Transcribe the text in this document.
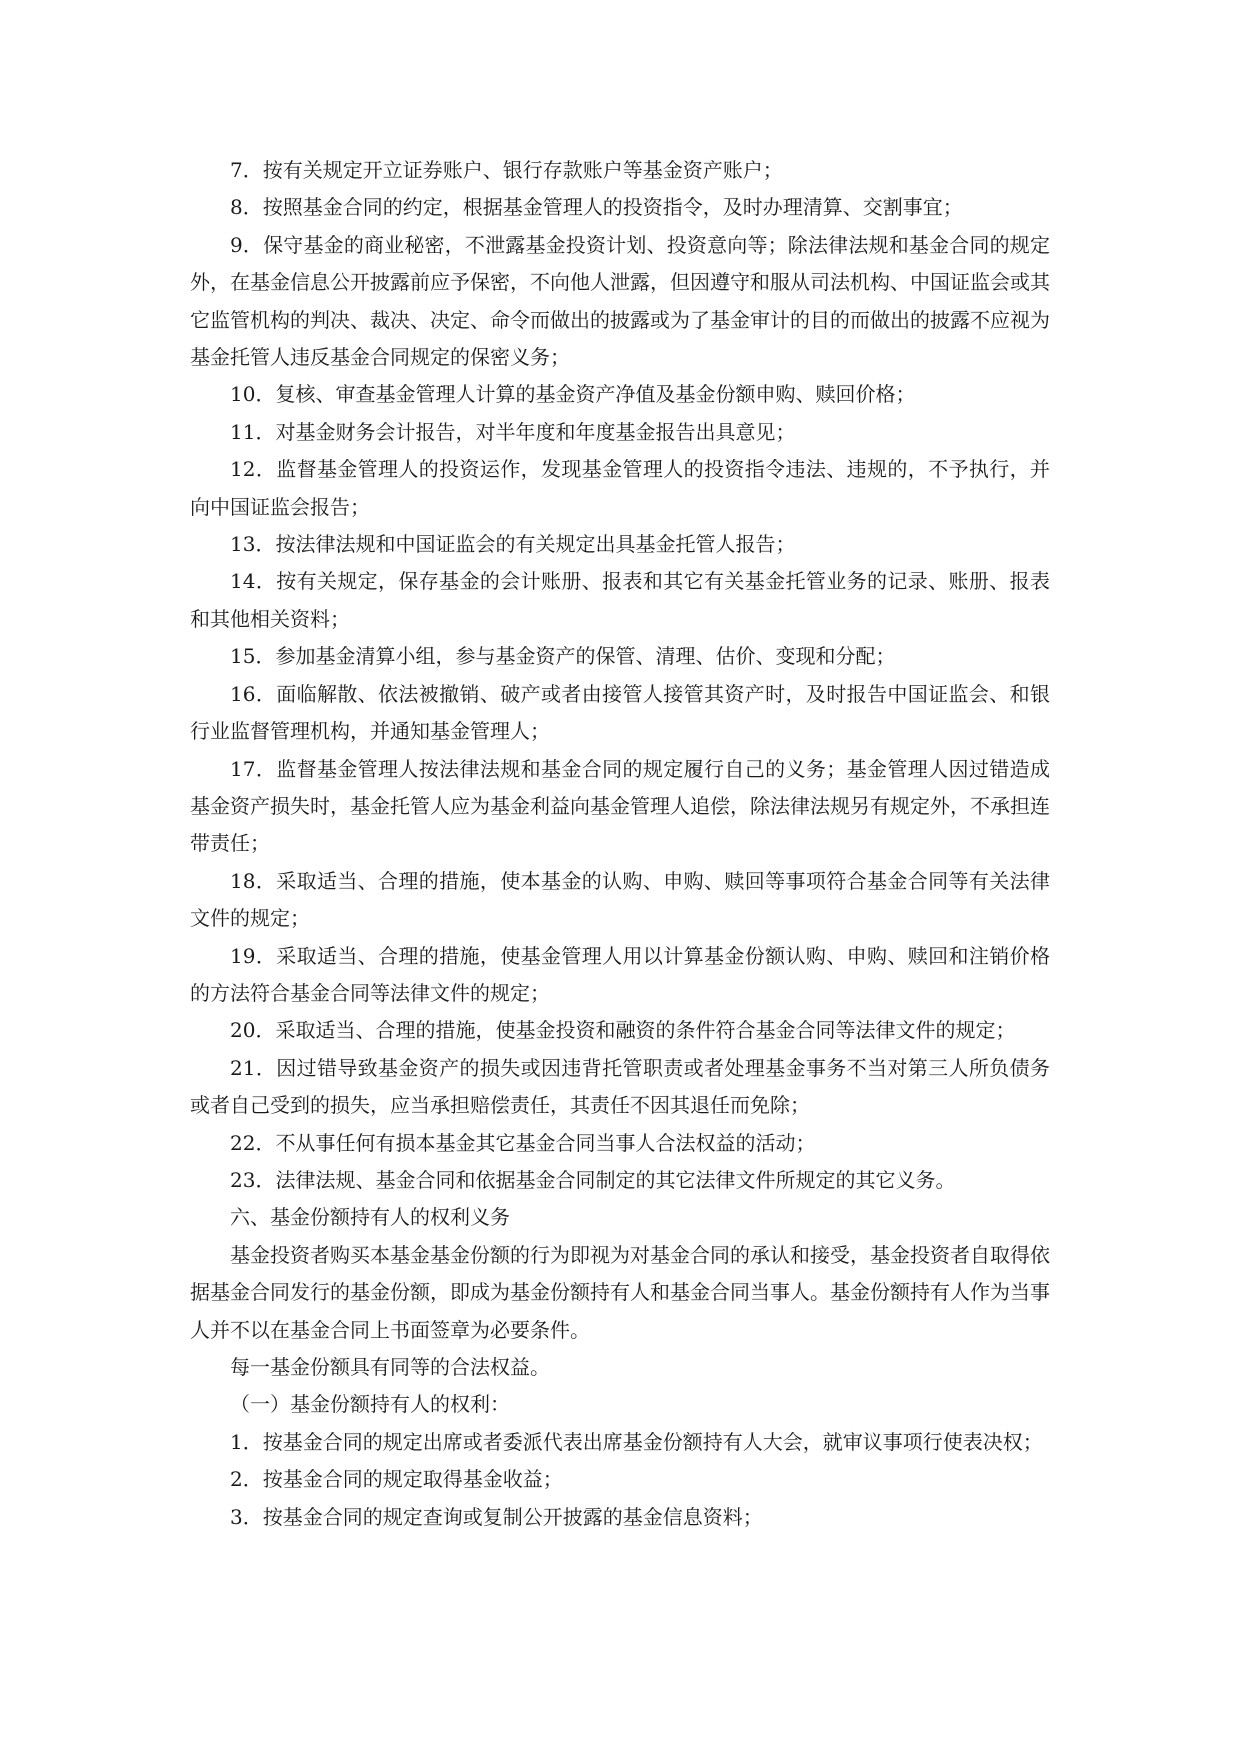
7．按有关规定开立证券账户、银行存款账户等基金资产账户；

8．按照基金合同的约定，根据基金管理人的投资指令，及时办理清算、交割事宜；

9．保守基金的商业秘密，不泄露基金投资计划、投资意向等；除法律法规和基金合同的规定外，在基金信息公开披露前应予保密，不向他人泄露，但因遵守和服从司法机构、中国证监会或其它监管机构的判决、裁决、决定、命令而做出的披露或为了基金审计的目的而做出的披露不应视为基金托管人违反基金合同规定的保密义务；

10．复核、审查基金管理人计算的基金资产净值及基金份额申购、赎回价格；

11．对基金财务会计报告，对半年度和年度基金报告出具意见；

12．监督基金管理人的投资运作，发现基金管理人的投资指令违法、违规的，不予执行，并向中国证监会报告；

13．按法律法规和中国证监会的有关规定出具基金托管人报告；

14．按有关规定，保存基金的会计账册、报表和其它有关基金托管业务的记录、账册、报表和其他相关资料；

15．参加基金清算小组，参与基金资产的保管、清理、估价、变现和分配；

16．面临解散、依法被撤销、破产或者由接管人接管其资产时，及时报告中国证监会、和银行业监督管理机构，并通知基金管理人；

17．监督基金管理人按法律法规和基金合同的规定履行自己的义务；基金管理人因过错造成基金资产损失时，基金托管人应为基金利益向基金管理人追偿，除法律法规另有规定外，不承担连带责任；

18．采取适当、合理的措施，使本基金的认购、申购、赎回等事项符合基金合同等有关法律文件的规定；

19．采取适当、合理的措施，使基金管理人用以计算基金份额认购、申购、赎回和注销价格的方法符合基金合同等法律文件的规定；

20．采取适当、合理的措施，使基金投资和融资的条件符合基金合同等法律文件的规定；

21．因过错导致基金资产的损失或因违背托管职责或者处理基金事务不当对第三人所负债务或者自己受到的损失，应当承担赔偿责任，其责任不因其退任而免除；

22．不从事任何有损本基金其它基金合同当事人合法权益的活动；

23．法律法规、基金合同和依据基金合同制定的其它法律文件所规定的其它义务。

六、基金份额持有人的权利义务

基金投资者购买本基金基金份额的行为即视为对基金合同的承认和接受，基金投资者自取得依据基金合同发行的基金份额，即成为基金份额持有人和基金合同当事人。基金份额持有人作为当事人并不以在基金合同上书面签章为必要条件。

每一基金份额具有同等的合法权益。

（一）基金份额持有人的权利：

1．按基金合同的规定出席或者委派代表出席基金份额持有人大会，就审议事项行使表决权；

2．按基金合同的规定取得基金收益；

3．按基金合同的规定查询或复制公开披露的基金信息资料；
